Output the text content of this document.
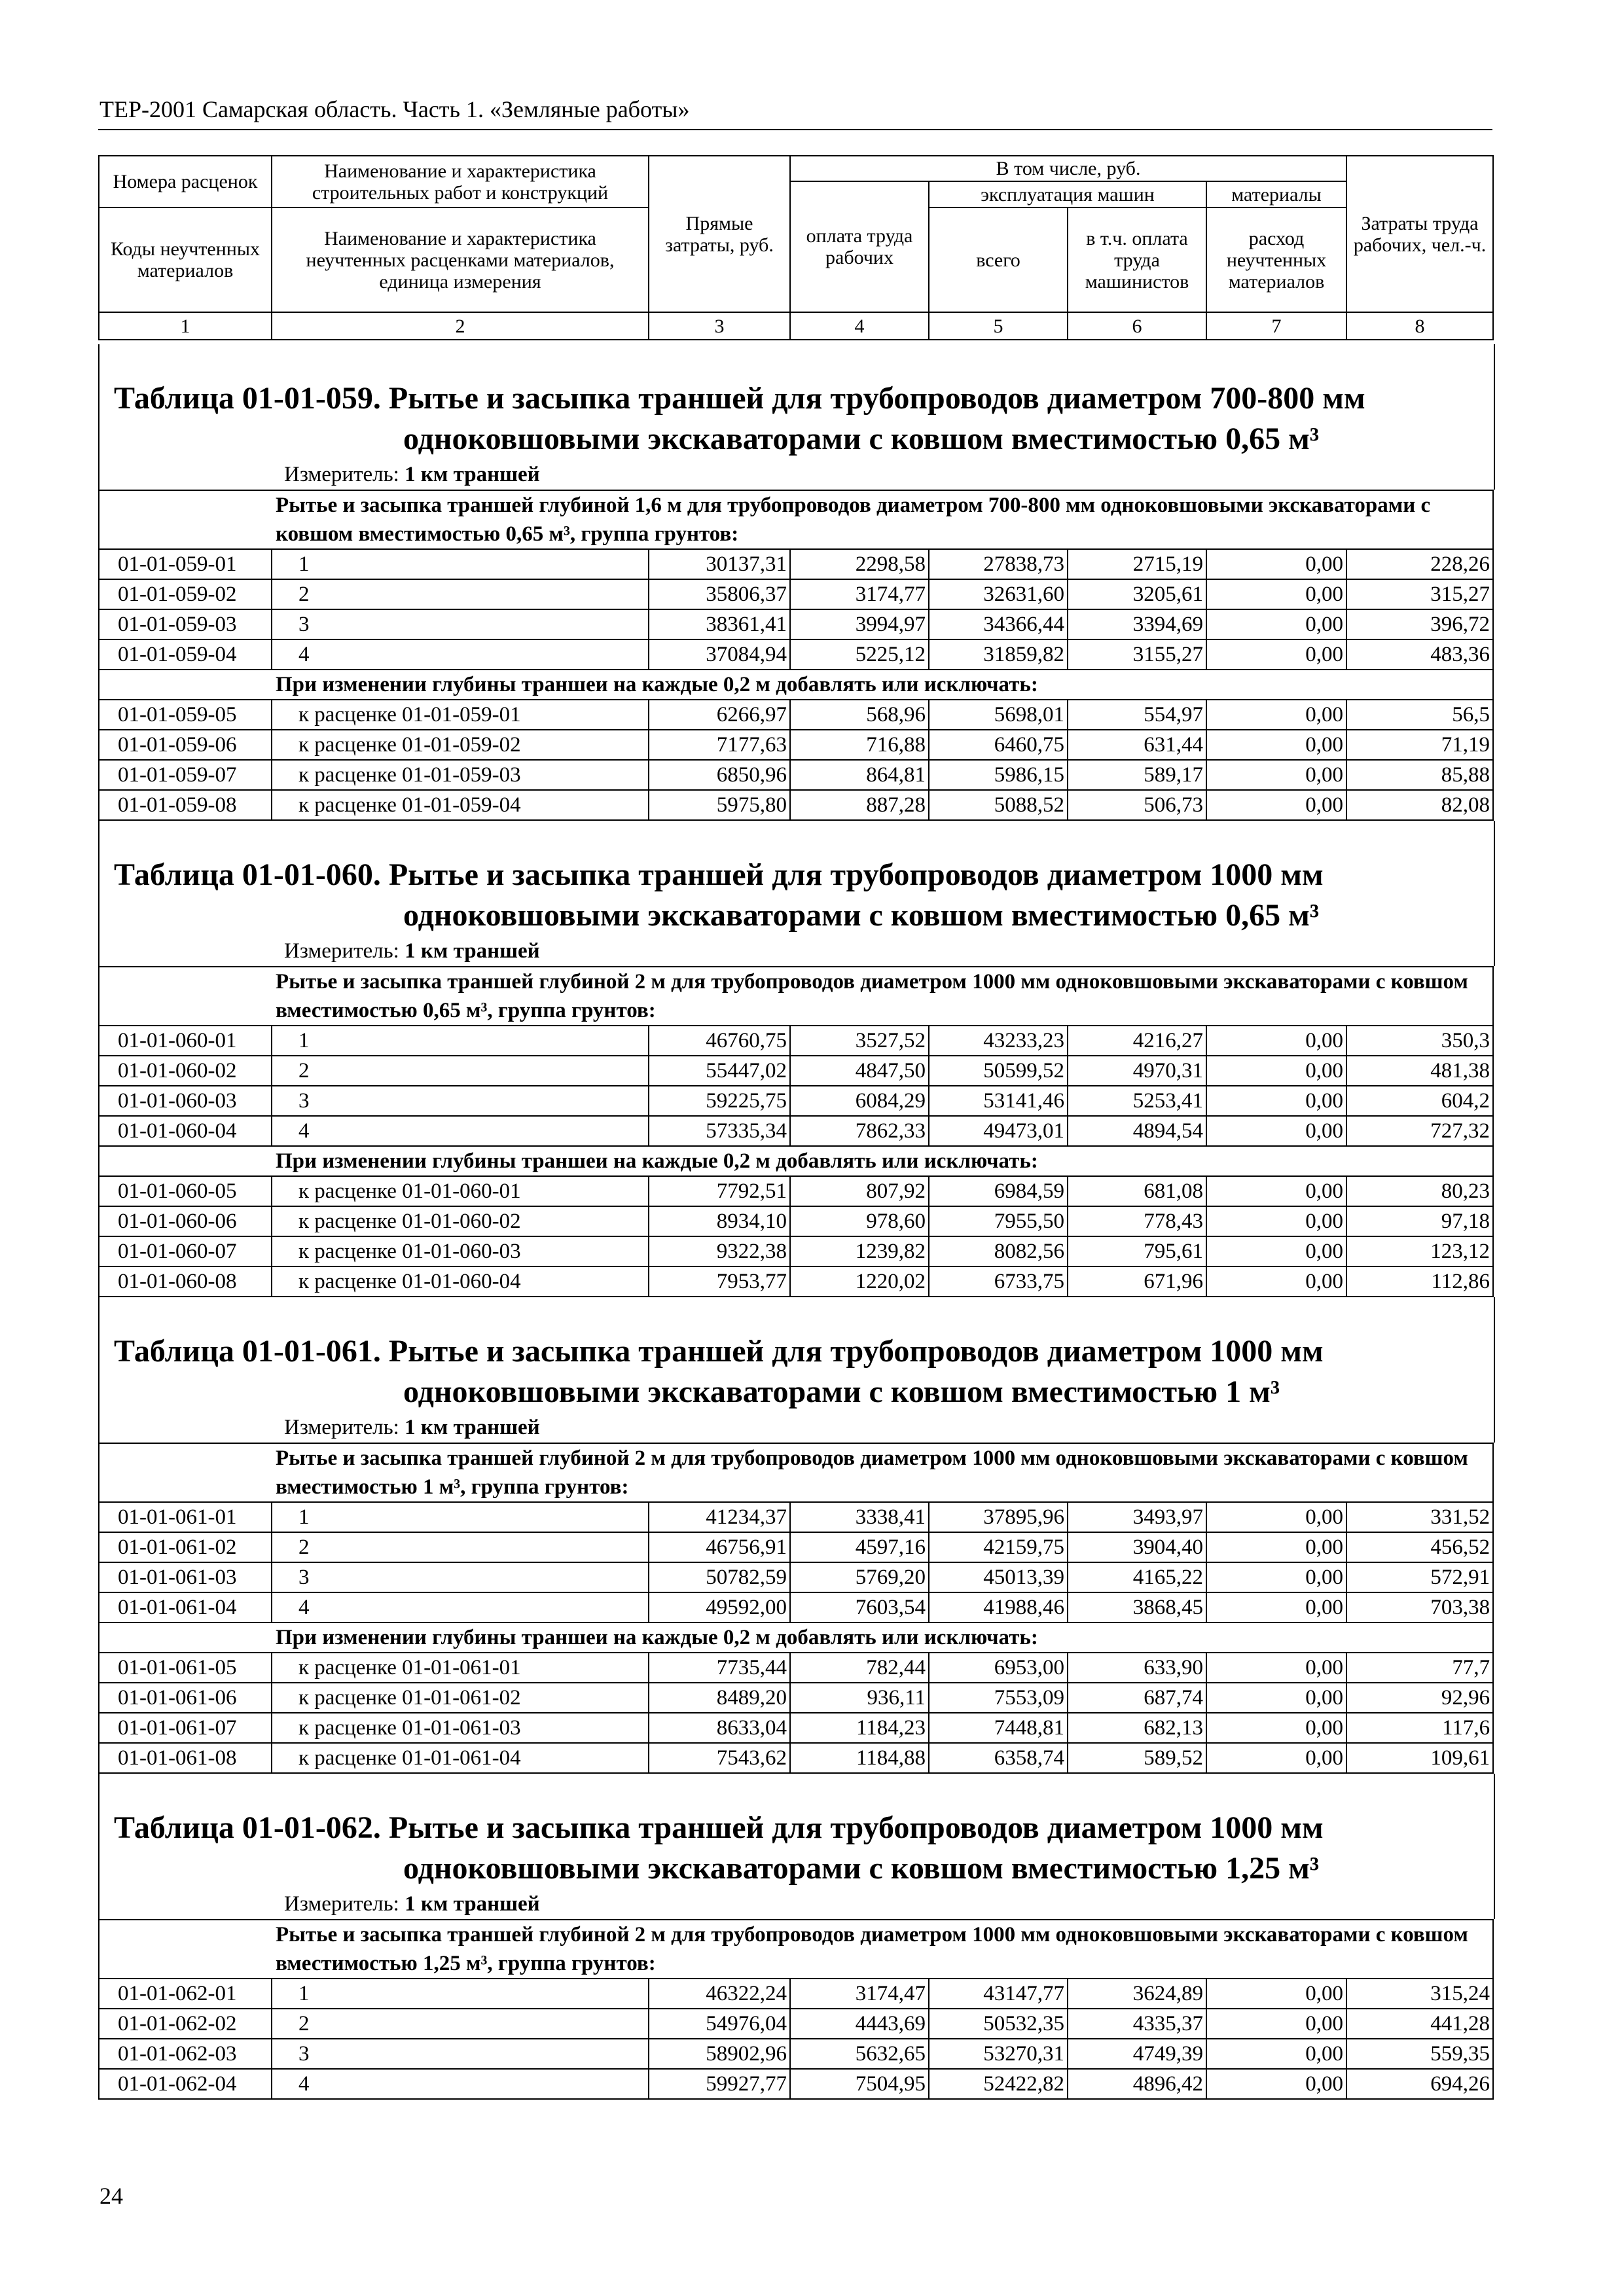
ТЕР-2001 Самарская область. Часть 1. «Земляные работы»
Номера расценок	Наименование и характеристика строительных работ и конструкций	Прямые затраты, руб.	В том числе, руб.				Затраты труда рабочих, чел.-ч.
			оплата труда рабочих	эксплуатация машин		материалы	
Коды неучтенных материалов	Наименование и характеристика неучтенных расценками материалов, единица измерения			всего	в т.ч. оплата труда машинистов	расход неучтенных материалов	

1	2	3	4	5	6	7	8
Таблица 01-01-059. Рытье и засыпка траншей для трубопроводов диаметром 700-800 мм
одноковшовыми экскаваторами с ковшом вместимостью 0,65 м³
Измеритель: 1 км траншей
	Рытье и засыпка траншей глубиной 1,6 м для трубопроводов диаметром 700-800 мм одноковшовыми экскаваторами с ковшом вместимостью 0,65 м³, группа грунтов:						
01-01-059-01	1	30137,31	2298,58	27838,73	2715,19	0,00	228,26
01-01-059-02	2	35806,37	3174,77	32631,60	3205,61	0,00	315,27
01-01-059-03	3	38361,41	3994,97	34366,44	3394,69	0,00	396,72
01-01-059-04	4	37084,94	5225,12	31859,82	3155,27	0,00	483,36
	При изменении глубины траншеи на каждые 0,2 м добавлять или исключать:						
01-01-059-05	к расценке 01-01-059-01	6266,97	568,96	5698,01	554,97	0,00	56,5
01-01-059-06	к расценке 01-01-059-02	7177,63	716,88	6460,75	631,44	0,00	71,19
01-01-059-07	к расценке 01-01-059-03	6850,96	864,81	5986,15	589,17	0,00	85,88
01-01-059-08	к расценке 01-01-059-04	5975,80	887,28	5088,52	506,73	0,00	82,08
Таблица 01-01-060. Рытье и засыпка траншей для трубопроводов диаметром 1000 мм
одноковшовыми экскаваторами с ковшом вместимостью 0,65 м³
Измеритель: 1 км траншей
	Рытье и засыпка траншей глубиной 2 м для трубопроводов диаметром 1000 мм одноковшовыми экскаваторами с ковшом вместимостью 0,65 м³, группа грунтов:						
01-01-060-01	1	46760,75	3527,52	43233,23	4216,27	0,00	350,3
01-01-060-02	2	55447,02	4847,50	50599,52	4970,31	0,00	481,38
01-01-060-03	3	59225,75	6084,29	53141,46	5253,41	0,00	604,2
01-01-060-04	4	57335,34	7862,33	49473,01	4894,54	0,00	727,32
	При изменении глубины траншеи на каждые 0,2 м добавлять или исключать:						
01-01-060-05	к расценке 01-01-060-01	7792,51	807,92	6984,59	681,08	0,00	80,23
01-01-060-06	к расценке 01-01-060-02	8934,10	978,60	7955,50	778,43	0,00	97,18
01-01-060-07	к расценке 01-01-060-03	9322,38	1239,82	8082,56	795,61	0,00	123,12
01-01-060-08	к расценке 01-01-060-04	7953,77	1220,02	6733,75	671,96	0,00	112,86
Таблица 01-01-061. Рытье и засыпка траншей для трубопроводов диаметром 1000 мм
одноковшовыми экскаваторами с ковшом вместимостью 1 м³
Измеритель: 1 км траншей
	Рытье и засыпка траншей глубиной 2 м для трубопроводов диаметром 1000 мм одноковшовыми экскаваторами с ковшом вместимостью 1 м³, группа грунтов:						
01-01-061-01	1	41234,37	3338,41	37895,96	3493,97	0,00	331,52
01-01-061-02	2	46756,91	4597,16	42159,75	3904,40	0,00	456,52
01-01-061-03	3	50782,59	5769,20	45013,39	4165,22	0,00	572,91
01-01-061-04	4	49592,00	7603,54	41988,46	3868,45	0,00	703,38
	При изменении глубины траншеи на каждые 0,2 м добавлять или исключать:						
01-01-061-05	к расценке 01-01-061-01	7735,44	782,44	6953,00	633,90	0,00	77,7
01-01-061-06	к расценке 01-01-061-02	8489,20	936,11	7553,09	687,74	0,00	92,96
01-01-061-07	к расценке 01-01-061-03	8633,04	1184,23	7448,81	682,13	0,00	117,6
01-01-061-08	к расценке 01-01-061-04	7543,62	1184,88	6358,74	589,52	0,00	109,61
Таблица 01-01-062. Рытье и засыпка траншей для трубопроводов диаметром 1000 мм
одноковшовыми экскаваторами с ковшом вместимостью 1,25 м³
Измеритель: 1 км траншей
	Рытье и засыпка траншей глубиной 2 м для трубопроводов диаметром 1000 мм одноковшовыми экскаваторами с ковшом вместимостью 1,25 м³, группа грунтов:						
01-01-062-01	1	46322,24	3174,47	43147,77	3624,89	0,00	315,24
01-01-062-02	2	54976,04	4443,69	50532,35	4335,37	0,00	441,28
01-01-062-03	3	58902,96	5632,65	53270,31	4749,39	0,00	559,35
01-01-062-04	4	59927,77	7504,95	52422,82	4896,42	0,00	694,26
24
